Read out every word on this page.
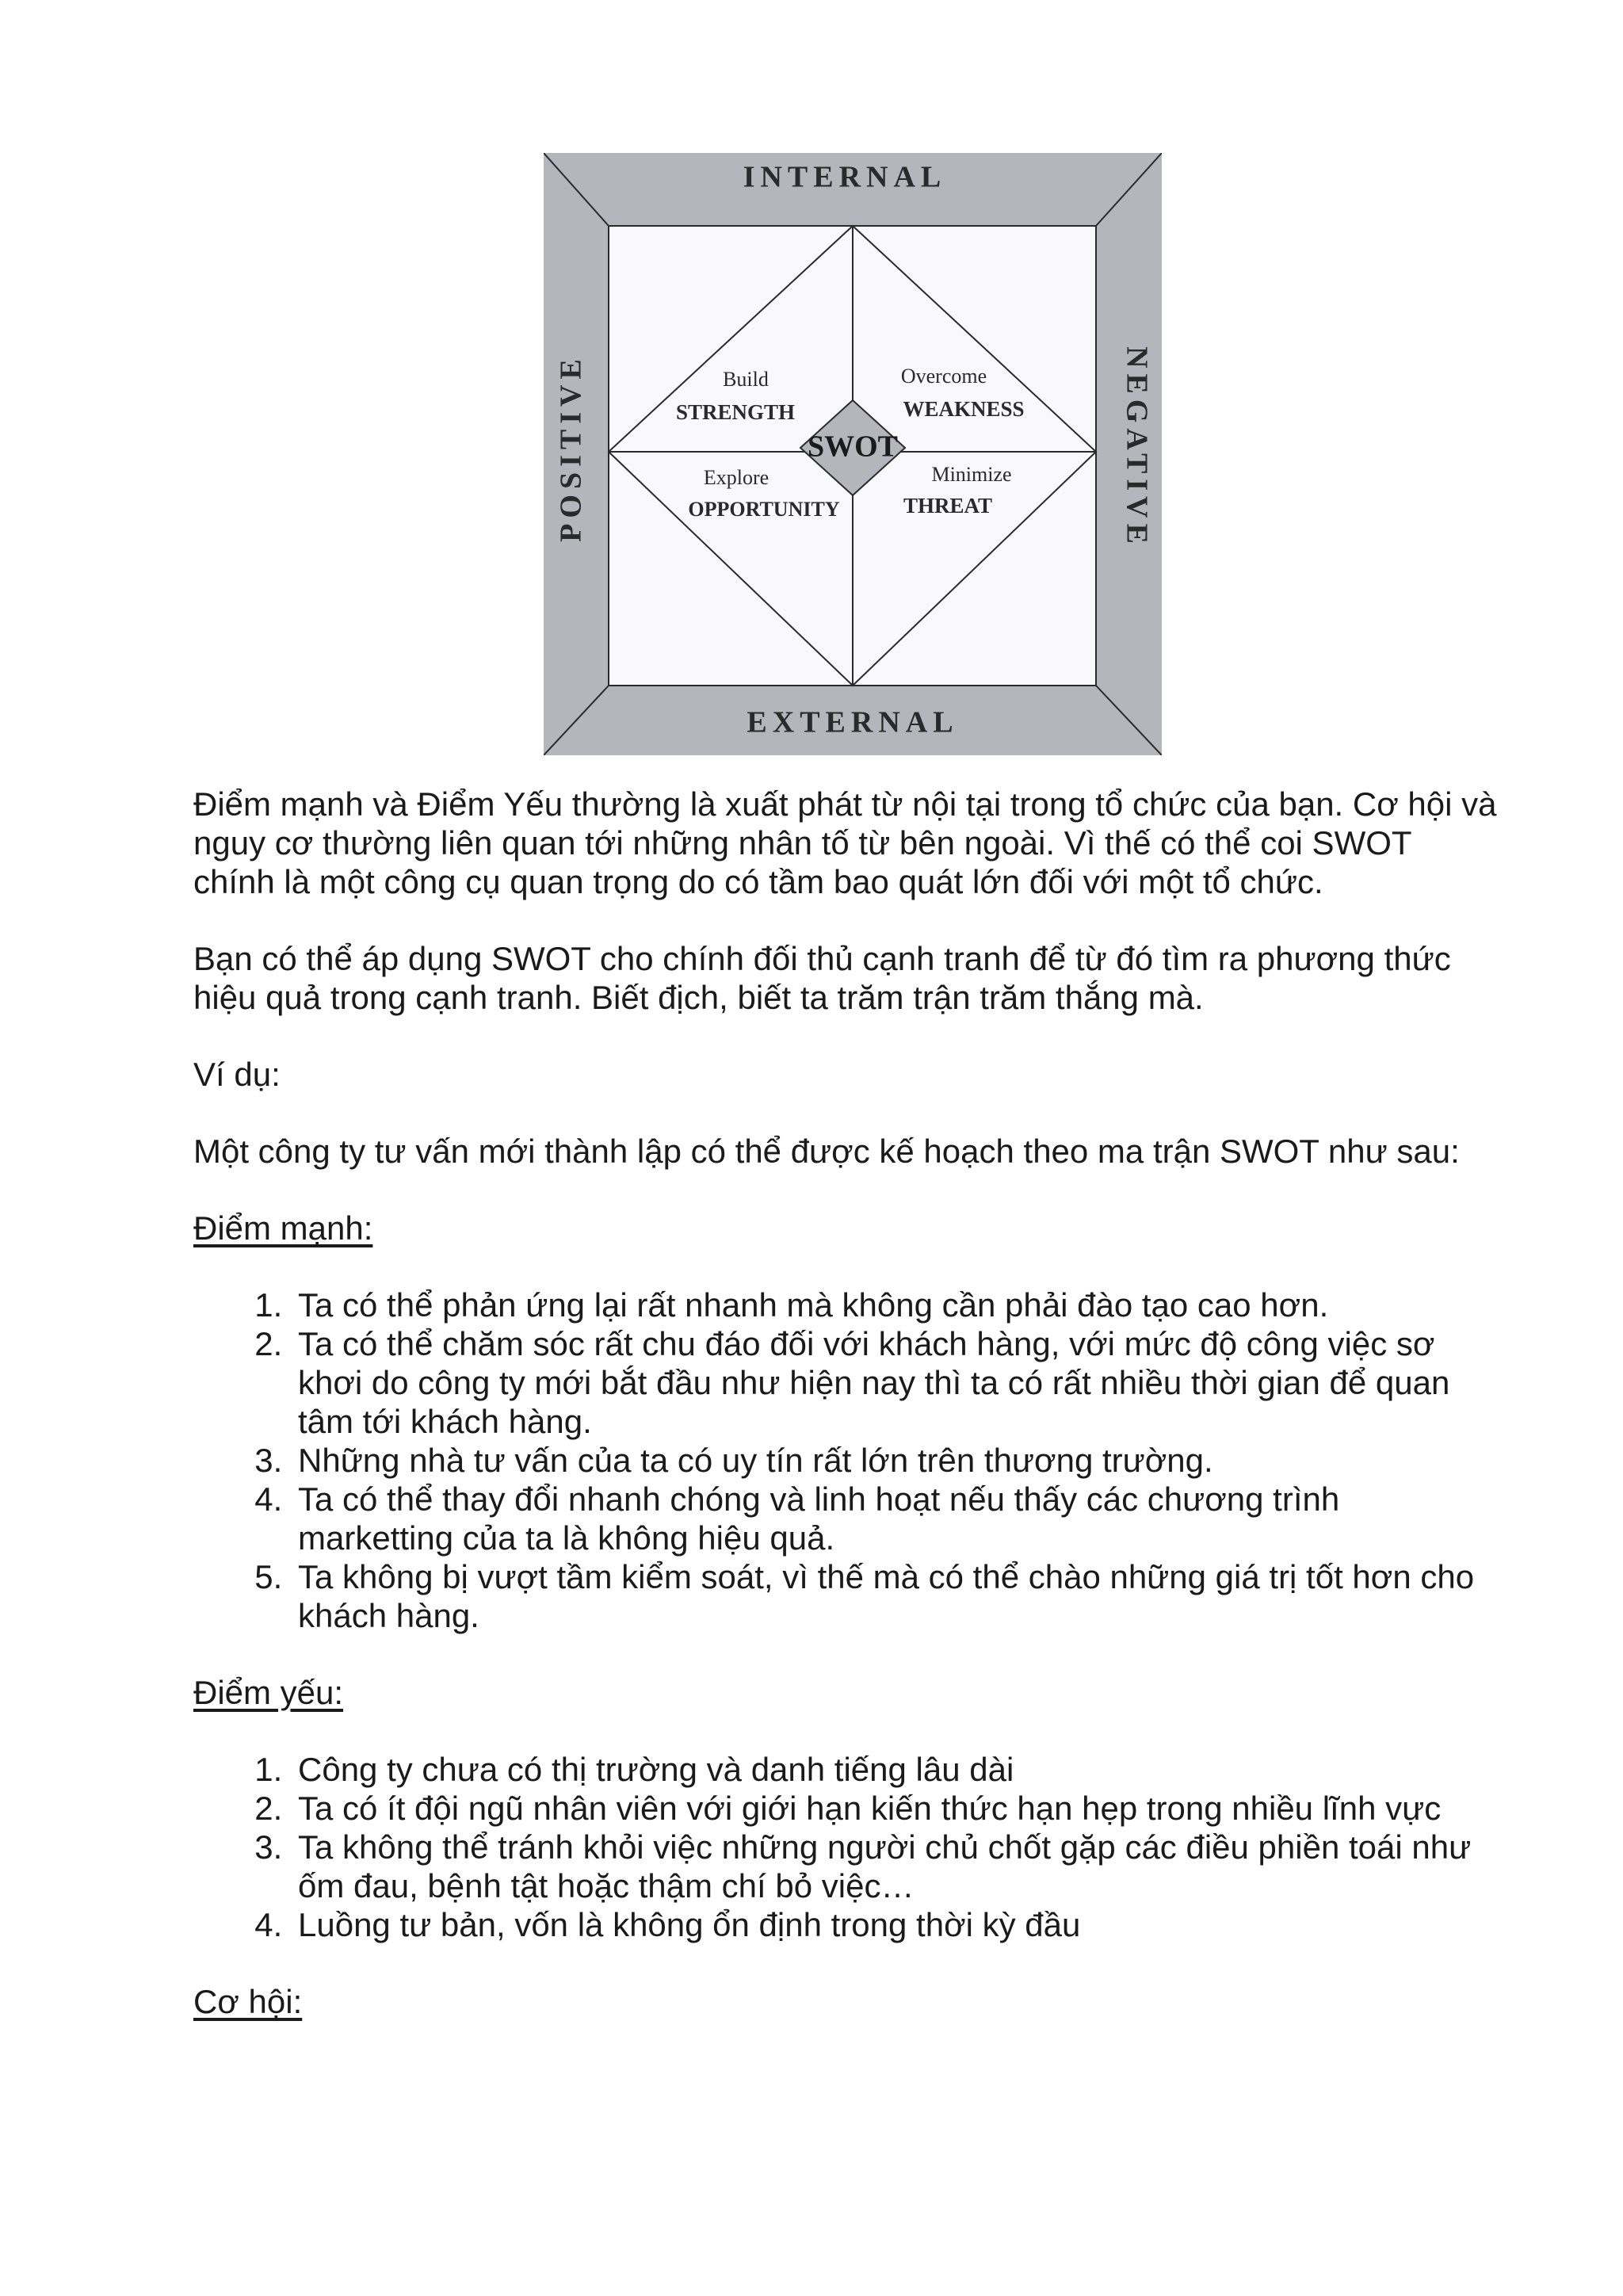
INTERNAL
EXTERNAL
POSITIVE	NEGATIVE
SWOT
Build
STRENGTH
Overcome
WEAKNESS
Explore
OPPORTUNITY
Minimize
THREAT

Điểm mạnh và Điểm Yếu thường là xuất phát từ nội tại trong tổ chức của bạn. Cơ hội và nguy cơ thường liên quan tới những nhân tố từ bên ngoài. Vì thế có thể coi SWOT chính là một công cụ quan trọng do có tầm bao quát lớn đối với một tổ chức.

Bạn có thể áp dụng SWOT cho chính đối thủ cạnh tranh để từ đó tìm ra phương thức hiệu quả trong cạnh tranh. Biết địch, biết ta trăm trận trăm thắng mà.

Ví dụ:

Một công ty tư vấn mới thành lập có thể được kế hoạch theo ma trận SWOT như sau:

Điểm mạnh:

1. Ta có thể phản ứng lại rất nhanh mà không cần phải đào tạo cao hơn.
2. Ta có thể chăm sóc rất chu đáo đối với khách hàng, với mức độ công việc sơ khơi do công ty mới bắt đầu như hiện nay thì ta có rất nhiều thời gian để quan tâm tới khách hàng.
3. Những nhà tư vấn của ta có uy tín rất lớn trên thương trường.
4. Ta có thể thay đổi nhanh chóng và linh hoạt nếu thấy các chương trình marketting của ta là không hiệu quả.
5. Ta không bị vượt tầm kiểm soát, vì thế mà có thể chào những giá trị tốt hơn cho khách hàng.

Điểm yếu:

1. Công ty chưa có thị trường và danh tiếng lâu dài
2. Ta có ít đội ngũ nhân viên với giới hạn kiến thức hạn hẹp trong nhiều lĩnh vực
3. Ta không thể tránh khỏi việc những người chủ chốt gặp các điều phiền toái như ốm đau, bệnh tật hoặc thậm chí bỏ việc…
4. Luồng tư bản, vốn là không ổn định trong thời kỳ đầu

Cơ hội:
